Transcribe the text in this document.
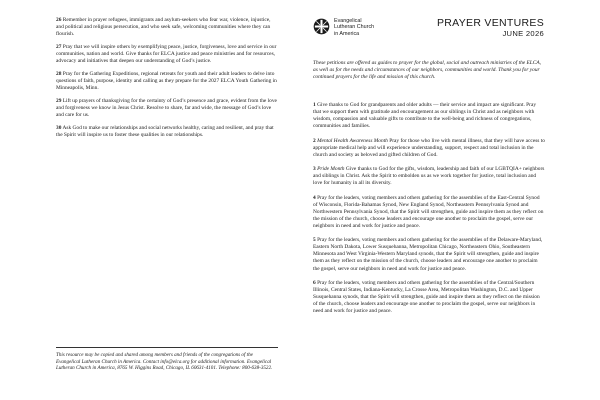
26 Remember in prayer refugees, immigrants and asylum-seekers who fear war, violence, injustice, and political and religious persecution, and who seek safe, welcoming communities where they can flourish.

27 Pray that we will inspire others by exemplifying peace, justice, forgiveness, love and service in our communities, nation and world. Give thanks for ELCA justice and peace ministries and for resources, advocacy and initiatives that deepen our understanding of God’s justice.

28 Pray for the Gathering Expeditions, regional retreats for youth and their adult leaders to delve into questions of faith, purpose, identity and calling as they prepare for the 2027 ELCA Youth Gathering in Minneapolis, Minn.

29 Lift up prayers of thanksgiving for the certainty of God’s presence and grace, evident from the love and forgiveness we know in Jesus Christ. Resolve to share, far and wide, the message of God’s love and care for us.

30 Ask God to make our relationships and social networks healthy, caring and resilient, and pray that the Spirit will inspire us to foster these qualities in our relationships.

This resource may be copied and shared among members and friends of the congregations of the Evangelical Lutheran Church in America. Contact info@elca.org for additional information. Evangelical Lutheran Church in America, 8765 W. Higgins Road, Chicago, IL 60631-4101. Telephone: 800-638-3522.

Evangelical
Lutheran Church
in America
PRAYER VENTURES
JUNE 2026

These petitions are offered as guides to prayer for the global, social and outreach ministries of the ELCA, as well as for the needs and circumstances of our neighbors, communities and world. Thank you for your continued prayers for the life and mission of this church.

1 Give thanks to God for grandparents and older adults — their service and impact are significant. Pray that we support them with gratitude and encouragement as our siblings in Christ and as neighbors with wisdom, compassion and valuable gifts to contribute to the well-being and richness of congregations, communities and families.

2 Mental Health Awareness Month Pray for those who live with mental illness, that they will have access to appropriate medical help and will experience understanding, support, respect and total inclusion in the church and society as beloved and gifted children of God.

3 Pride Month Give thanks to God for the gifts, wisdom, leadership and faith of our LGBTQIA+ neighbors and siblings in Christ. Ask the Spirit to embolden us as we work together for justice, total inclusion and love for humanity in all its diversity.

4 Pray for the leaders, voting members and others gathering for the assemblies of the East-Central Synod of Wisconsin, Florida-Bahamas Synod, New England Synod, Northeastern Pennsylvania Synod and Northwestern Pennsylvania Synod, that the Spirit will strengthen, guide and inspire them as they reflect on the mission of the church, choose leaders and encourage one another to proclaim the gospel, serve our neighbors in need and work for justice and peace.

5 Pray for the leaders, voting members and others gathering for the assemblies of the Delaware-Maryland, Eastern North Dakota, Lower Susquehanna, Metropolitan Chicago, Northeastern Ohio, Southeastern Minnesota and West Virginia-Western Maryland synods, that the Spirit will strengthen, guide and inspire them as they reflect on the mission of the church, choose leaders and encourage one another to proclaim the gospel, serve our neighbors in need and work for justice and peace.

6 Pray for the leaders, voting members and others gathering for the assemblies of the Central/Southern Illinois, Central States, Indiana-Kentucky, La Crosse Area, Metropolitan Washington, D.C. and Upper Susquehanna synods, that the Spirit will strengthen, guide and inspire them as they reflect on the mission of the church, choose leaders and encourage one another to proclaim the gospel, serve our neighbors in need and work for justice and peace.
